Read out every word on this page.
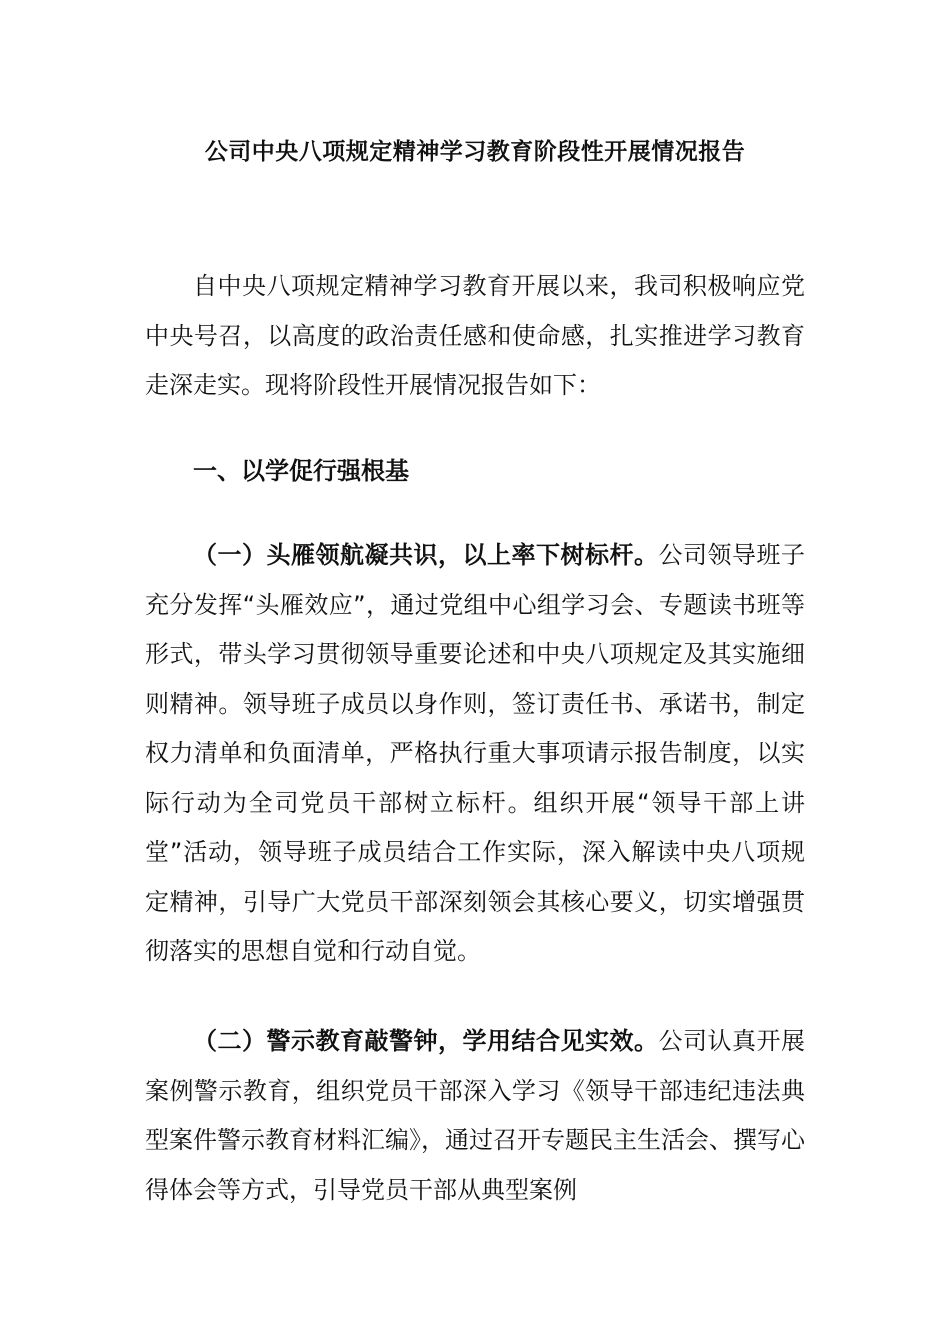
公司中央八项规定精神学习教育阶段性开展情况报告

自中央八项规定精神学习教育开展以来，我司积极响应党中央号召，以高度的政治责任感和使命感，扎实推进学习教育走深走实。现将阶段性开展情况报告如下：

一、以学促行强根基

（一）头雁领航凝共识，以上率下树标杆。公司领导班子充分发挥“头雁效应”，通过党组中心组学习会、专题读书班等形式，带头学习贯彻领导重要论述和中央八项规定及其实施细则精神。领导班子成员以身作则，签订责任书、承诺书，制定权力清单和负面清单，严格执行重大事项请示报告制度，以实际行动为全司党员干部树立标杆。组织开展“领导干部上讲堂”活动，领导班子成员结合工作实际，深入解读中央八项规定精神，引导广大党员干部深刻领会其核心要义，切实增强贯彻落实的思想自觉和行动自觉。

（二）警示教育敲警钟，学用结合见实效。公司认真开展案例警示教育，组织党员干部深入学习《领导干部违纪违法典型案件警示教育材料汇编》，通过召开专题民主生活会、撰写心得体会等方式，引导党员干部从典型案例
